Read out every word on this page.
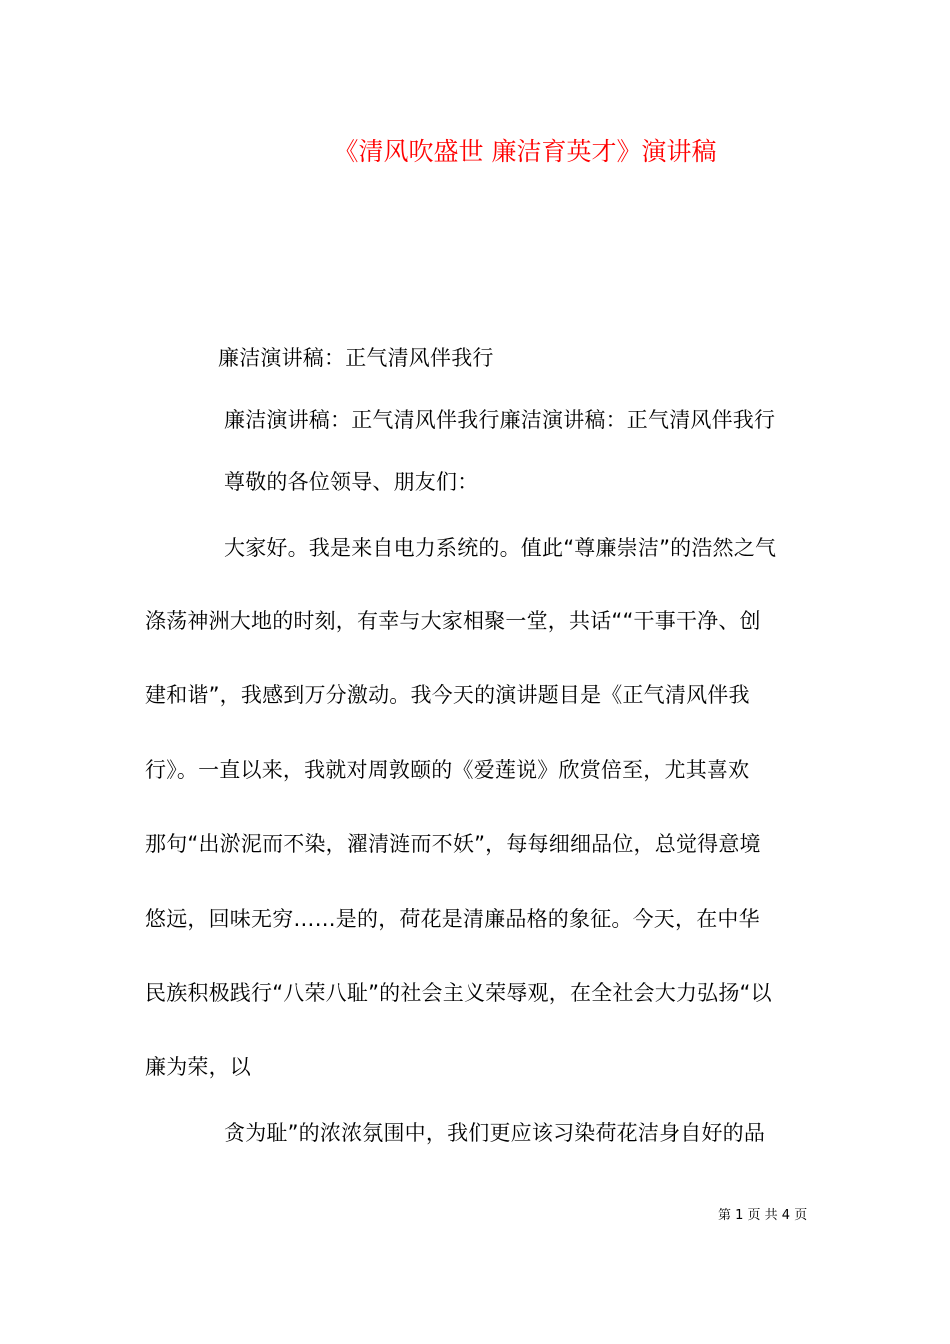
《清风吹盛世 廉洁育英才》演讲稿
廉洁演讲稿：正气清风伴我行
廉洁演讲稿：正气清风伴我行廉洁演讲稿：正气清风伴我行
尊敬的各位领导、朋友们：
大家好。我是来自电力系统的。值此“尊廉崇洁”的浩然之气
涤荡神洲大地的时刻，有幸与大家相聚一堂，共话““干事干净、创
建和谐”，我感到万分激动。我今天的演讲题目是《正气清风伴我
行》。一直以来，我就对周敦颐的《爱莲说》欣赏倍至，尤其喜欢
那句“出淤泥而不染，濯清涟而不妖”，每每细细品位，总觉得意境
悠远，回味无穷……是的，荷花是清廉品格的象征。今天，在中华
民族积极践行“八荣八耻”的社会主义荣辱观，在全社会大力弘扬“以
廉为荣，以
贪为耻”的浓浓氛围中，我们更应该习染荷花洁身自好的品
第 1 页 共 4 页
